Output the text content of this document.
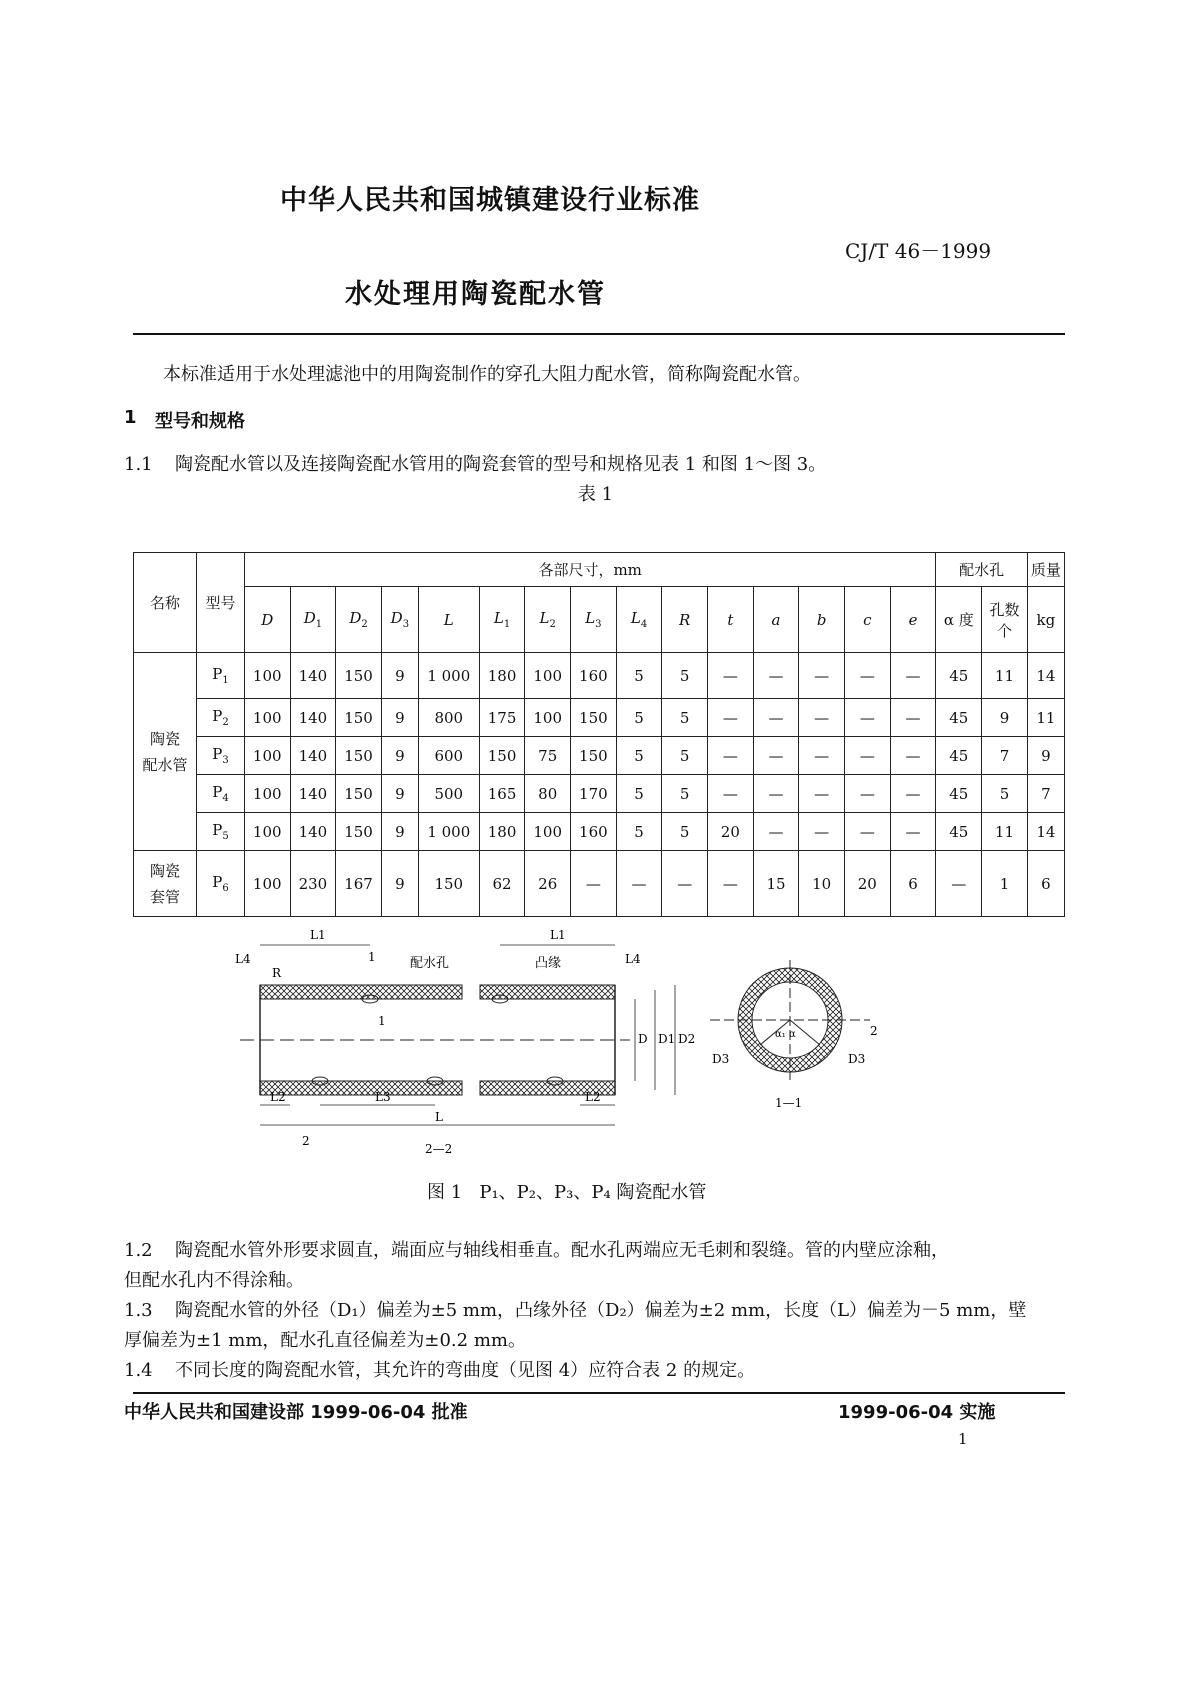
中华人民共和国城镇建设行业标准
CJ/T 46－1999
水处理用陶瓷配水管
本标准适用于水处理滤池中的用陶瓷制作的穿孔大阻力配水管，简称陶瓷配水管。
1 型号和规格
1.1 陶瓷配水管以及连接陶瓷配水管用的陶瓷套管的型号和规格见表 1 和图 1～图 3。
表 1
名称	型号	各部尺寸，mm															配水孔		质量
		D	$D_1$	$D_2$	$D_3$	L	$L_1$	$L_2$	$L_3$	$L_4$	R	t	a	b	c	e	α 度	孔数
个	kg

陶瓷
配水管	$P_1$	100	140	150	9	1 000	180	100	160	5	5	—	—	—	—	—	45	11	14
	$P_2$	100	140	150	9	800	175	100	150	5	5	—	—	—	—	—	45	9	11
	$P_3$	100	140	150	9	600	150	75	150	5	5	—	—	—	—	—	45	7	9
	$P_4$	100	140	150	9	500	165	80	170	5	5	—	—	—	—	—	45	5	7
	$P_5$	100	140	150	9	1 000	180	100	160	5	5	20	—	—	—	—	45	11	14

陶瓷
套管	$P_6$	100	230	167	9	150	62	26	—	—	—	—	15	10	20	6	—	1	6
L1	L1
L4	L4
R
配水孔	凸缘
D D1 D2
L2	L2
L3
L
2
2
1
1
2—2
α₁ α
D3	D3
1—1
图 1 P₁、P₂、P₃、P₄ 陶瓷配水管
1.2 陶瓷配水管外形要求圆直，端面应与轴线相垂直。配水孔两端应无毛刺和裂缝。管的内壁应涂釉，
但配水孔内不得涂釉。
1.3 陶瓷配水管的外径（D₁）偏差为±5 mm，凸缘外径（D₂）偏差为±2 mm，长度（L）偏差为－5 mm，壁
厚偏差为±1 mm，配水孔直径偏差为±0.2 mm。
1.4 不同长度的陶瓷配水管，其允许的弯曲度（见图 4）应符合表 2 的规定。
中华人民共和国建设部 1999-06-04 批准	1999-06-04 实施
1
